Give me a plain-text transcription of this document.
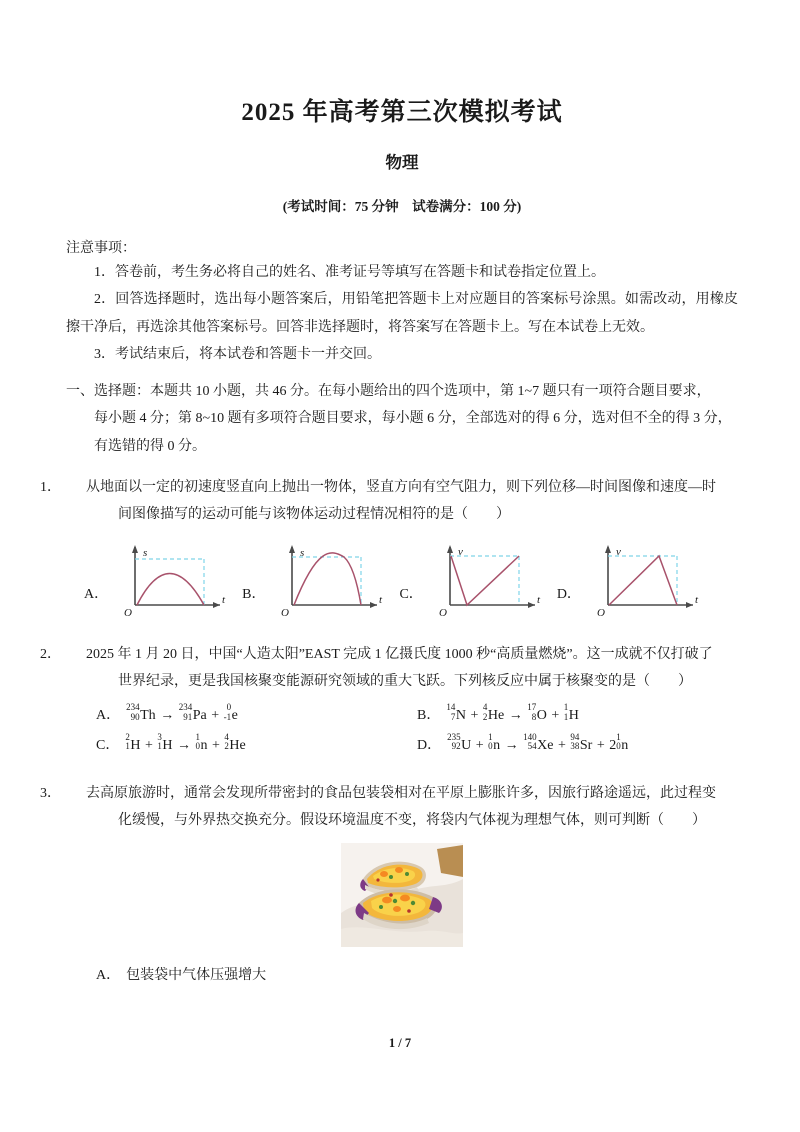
2025 年高考第三次模拟考试
物理
(考试时间：75 分钟　试卷满分：100 分)
注意事项：
1．答卷前，考生务必将自己的姓名、准考证号等填写在答题卡和试卷指定位置上。
2．回答选择题时，选出每小题答案后，用铅笔把答题卡上对应题目的答案标号涂黑。如需改动，用橡皮擦干净后，再选涂其他答案标号。回答非选择题时，将答案写在答题卡上。写在本试卷上无效。
3．考试结束后，将本试卷和答题卡一并交回。
一、选择题：本题共 10 小题，共 46 分。在每小题给出的四个选项中，第 1~7 题只有一项符合题目要求，
每小题 4 分；第 8~10 题有多项符合题目要求，每小题 6 分，全部选对的得 6 分，选对但不全的得 3 分，
有选错的得 0 分。
1． 从地面以一定的初速度竖直向上抛出一物体，竖直方向有空气阻力，则下列位移—时间图像和速度—时
间图像描写的运动可能与该物体运动过程情况相符的是（　　）
A．
s
t
O
B．
s
t
O
C．
v
t
O
D．
v
t
O
2． 2025 年 1 月 20 日，中国“人造太阳”EAST 完成 1 亿摄氏度 1000 秒“高质量燃烧”。这一成就不仅打破了
世界纪录，更是我国核聚变能源研究领域的重大飞跃。下列核反应中属于核聚变的是（　　）
A．
234
90 Th →
234
91 Pa +
0
-1 e	B．
14
7 N +
4
2 He →
17
8 O +
1
1 H
C．
2
1 H +
3
1 H →
1
0 n +
4
2 He	D．
235
92 U +
1
0 n →
140
54 Xe +
94
38 Sr + 2
1
0 n
3． 去高原旅游时，通常会发现所带密封的食品包装袋相对在平原上膨胀许多，因旅行路途遥远，此过程变
化缓慢，与外界热交换充分。假设环境温度不变，将袋内气体视为理想气体，则可判断（　　）
A． 包装袋中气体压强增大
1 / 7
